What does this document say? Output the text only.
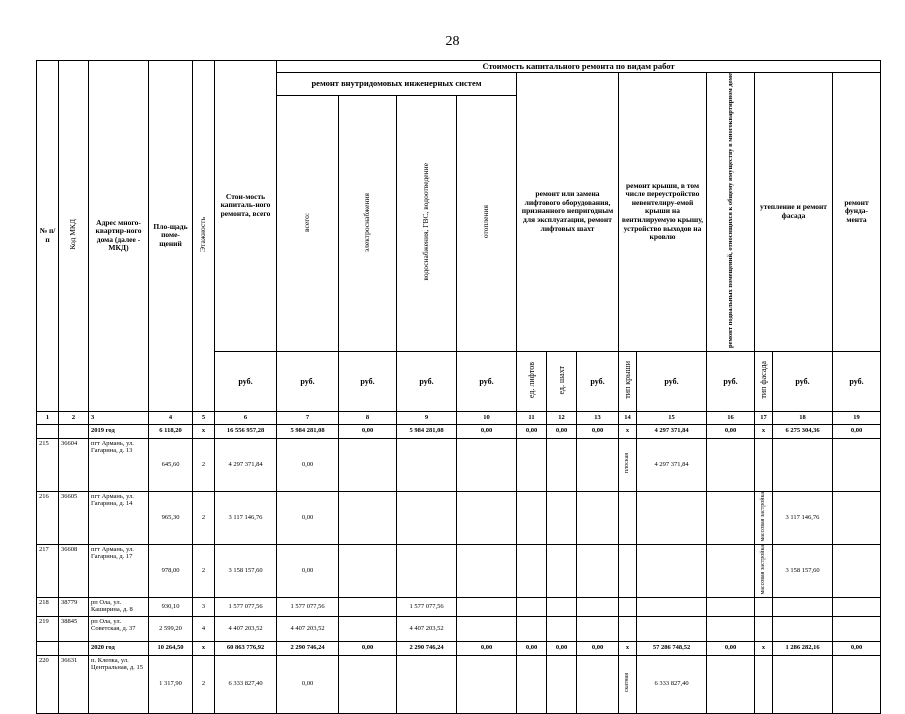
28
№ п/п	Код МКД	Адрес много-квартир-ного дома (далее - МКД)	Пло-щадь поме-щений	Этажность	Стои-мость капиталь-ного ремонта, всего	Стоимость капитального ремонта по видам работ												
						ремонт внутридомовых инженерных систем				ремонт или замена лифтового оборудования, признанного непригодным для эксплуатации, ремонт лифтовых шахт			ремонт крыши, в том числе переустройство невентелиру-емой крыши на вентилируемую крышу, устройство выходов на кровлю		ремонт подвальных помещений, относящихся к общему имуществу в многоквартирном доме	утепление и ремонт фасада		ремонт фунда-мента
						всего:	электроснабжения	водоснабжения, ГВС, водоотведение	отопления									
					руб.	руб.	руб.	руб.	руб.	ед. лифтов	ед. шахт	руб.	тип крыши	руб.	руб.	тип фасада	руб.	руб.
1	2	3	4	5	6	7	8	9	10	11	12	13	14	15	16	17	18	19
		2019 год	6 118,20	х	16 556 957,28	5 984 281,08	0,00	5 984 281,08	0,00	0,00	0,00	0,00	х	4 297 371,84	0,00	х	6 275 304,36	0,00
215	36604	пгт Армань, ул. Гагарина, д. 13	645,60	2	4 297 371,84	0,00							плоская	4 297 371,84				
216	36605	пгт Армань, ул. Гагарина, д. 14	965,30	2	3 117 146,76	0,00										массовая застройка	3 117 146,76	
217	36608	пгт Армань, ул. Гагарина, д. 17	978,00	2	3 158 157,60	0,00										массовая застройка	3 158 157,60	
218	38779	рп Ола, ул. Каширина, д. 8	930,10	3	1 577 077,56	1 577 077,56		1 577 077,56										
219	38845	рп Ола, ул. Советская, д. 37	2 599,20	4	4 407 203,52	4 407 203,52		4 407 203,52										
		2020 год	10 264,50	х	60 863 776,92	2 290 746,24	0,00	2 290 746,24	0,00	0,00	0,00	0,00	х	57 286 748,52	0,00	х	1 286 282,16	0,00
220	36631	п. Клепка, ул. Центральная, д. 15	1 317,90	2	6 333 827,40	0,00							скатная	6 333 827,40				
